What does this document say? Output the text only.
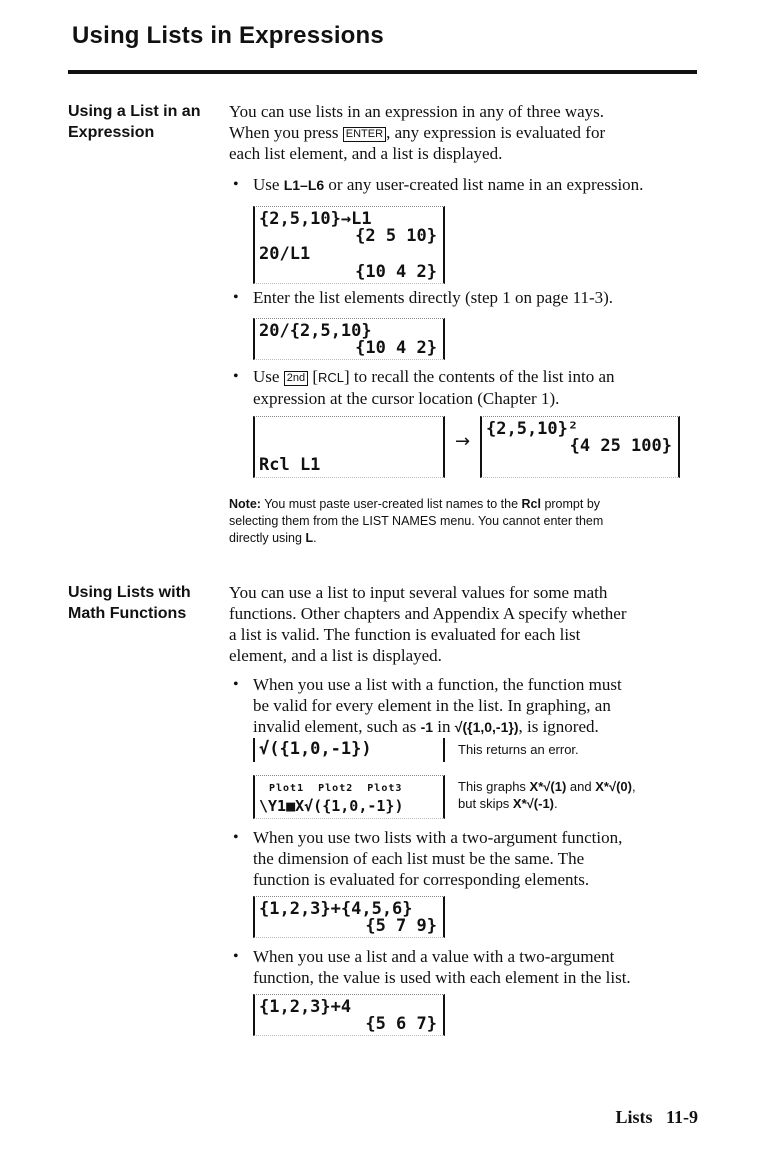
Using Lists in Expressions
Using a List in an
Expression
You can use lists in an expression in any of three ways.
When you press ENTER , any expression is evaluated for
each list element, and a list is displayed.
• Use L1–L6 or any user-created list name in an expression.
{2,5,10}→L1
{2 5 10}
20/L1
{10 4 2}
• Enter the list elements directly (step 1 on page 11-3).
20/{2,5,10}
{10 4 2}
• Use 2nd [RCL] to recall the contents of the list into an
expression at the cursor location (Chapter 1).
Rcl L1
→
{2,5,10}²
{4 25 100}
Note: You must paste user-created list names to the Rcl prompt by
selecting them from the LIST NAMES menu. You cannot enter them
directly using L.
Using Lists with
Math Functions
You can use a list to input several values for some math
functions. Other chapters and Appendix A specify whether
a list is valid. The function is evaluated for each list
element, and a list is displayed.
• When you use a list with a function, the function must
be valid for every element in the list. In graphing, an
invalid element, such as -1 in √({1,0,-1}), is ignored.
√({1,0,-1})	This returns an error.
Plot1  Plot2  Plot3
\Y1■X√({1,0,-1})
This graphs X*√(1) and X*√(0),
but skips X*√(-1).
• When you use two lists with a two-argument function,
the dimension of each list must be the same. The
function is evaluated for corresponding elements.
{1,2,3}+{4,5,6}
{5 7 9}
• When you use a list and a value with a two-argument
function, the value is used with each element in the list.
{1,2,3}+4
{5 6 7}
Lists   11-9
